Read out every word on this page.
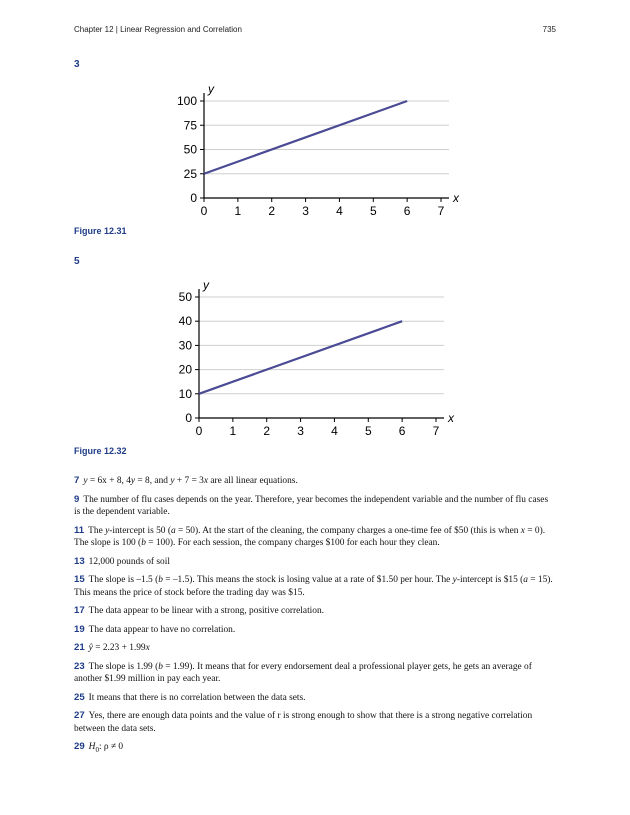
Chapter 12 | Linear Regression and Correlation	735
3
0
25
50
75
100
0 1 2 3 4 5 6 7
y
x
Figure 12.31
5
0
10
20
30
40
50
0 1 2 3 4 5 6 7
y
x
Figure 12.32

7 y = 6x + 8, 4y = 8, and y + 7 = 3x are all linear equations.

9 The number of flu cases depends on the year. Therefore, year becomes the independent variable and the number of flu cases is the dependent variable.

11 The y-intercept is 50 (a = 50). At the start of the cleaning, the company charges a one-time fee of $50 (this is when x = 0). The slope is 100 (b = 100). For each session, the company charges $100 for each hour they clean.

13 12,000 pounds of soil

15 The slope is –1.5 (b = –1.5). This means the stock is losing value at a rate of $1.50 per hour. The y-intercept is $15 (a = 15). This means the price of stock before the trading day was $15.

17 The data appear to be linear with a strong, positive correlation.

19 The data appear to have no correlation.

21 ŷ = 2.23 + 1.99x

23 The slope is 1.99 (b = 1.99). It means that for every endorsement deal a professional player gets, he gets an average of another $1.99 million in pay each year.

25 It means that there is no correlation between the data sets.

27 Yes, there are enough data points and the value of r is strong enough to show that there is a strong negative correlation between the data sets.

29 $H_0$: ρ ≠ 0
